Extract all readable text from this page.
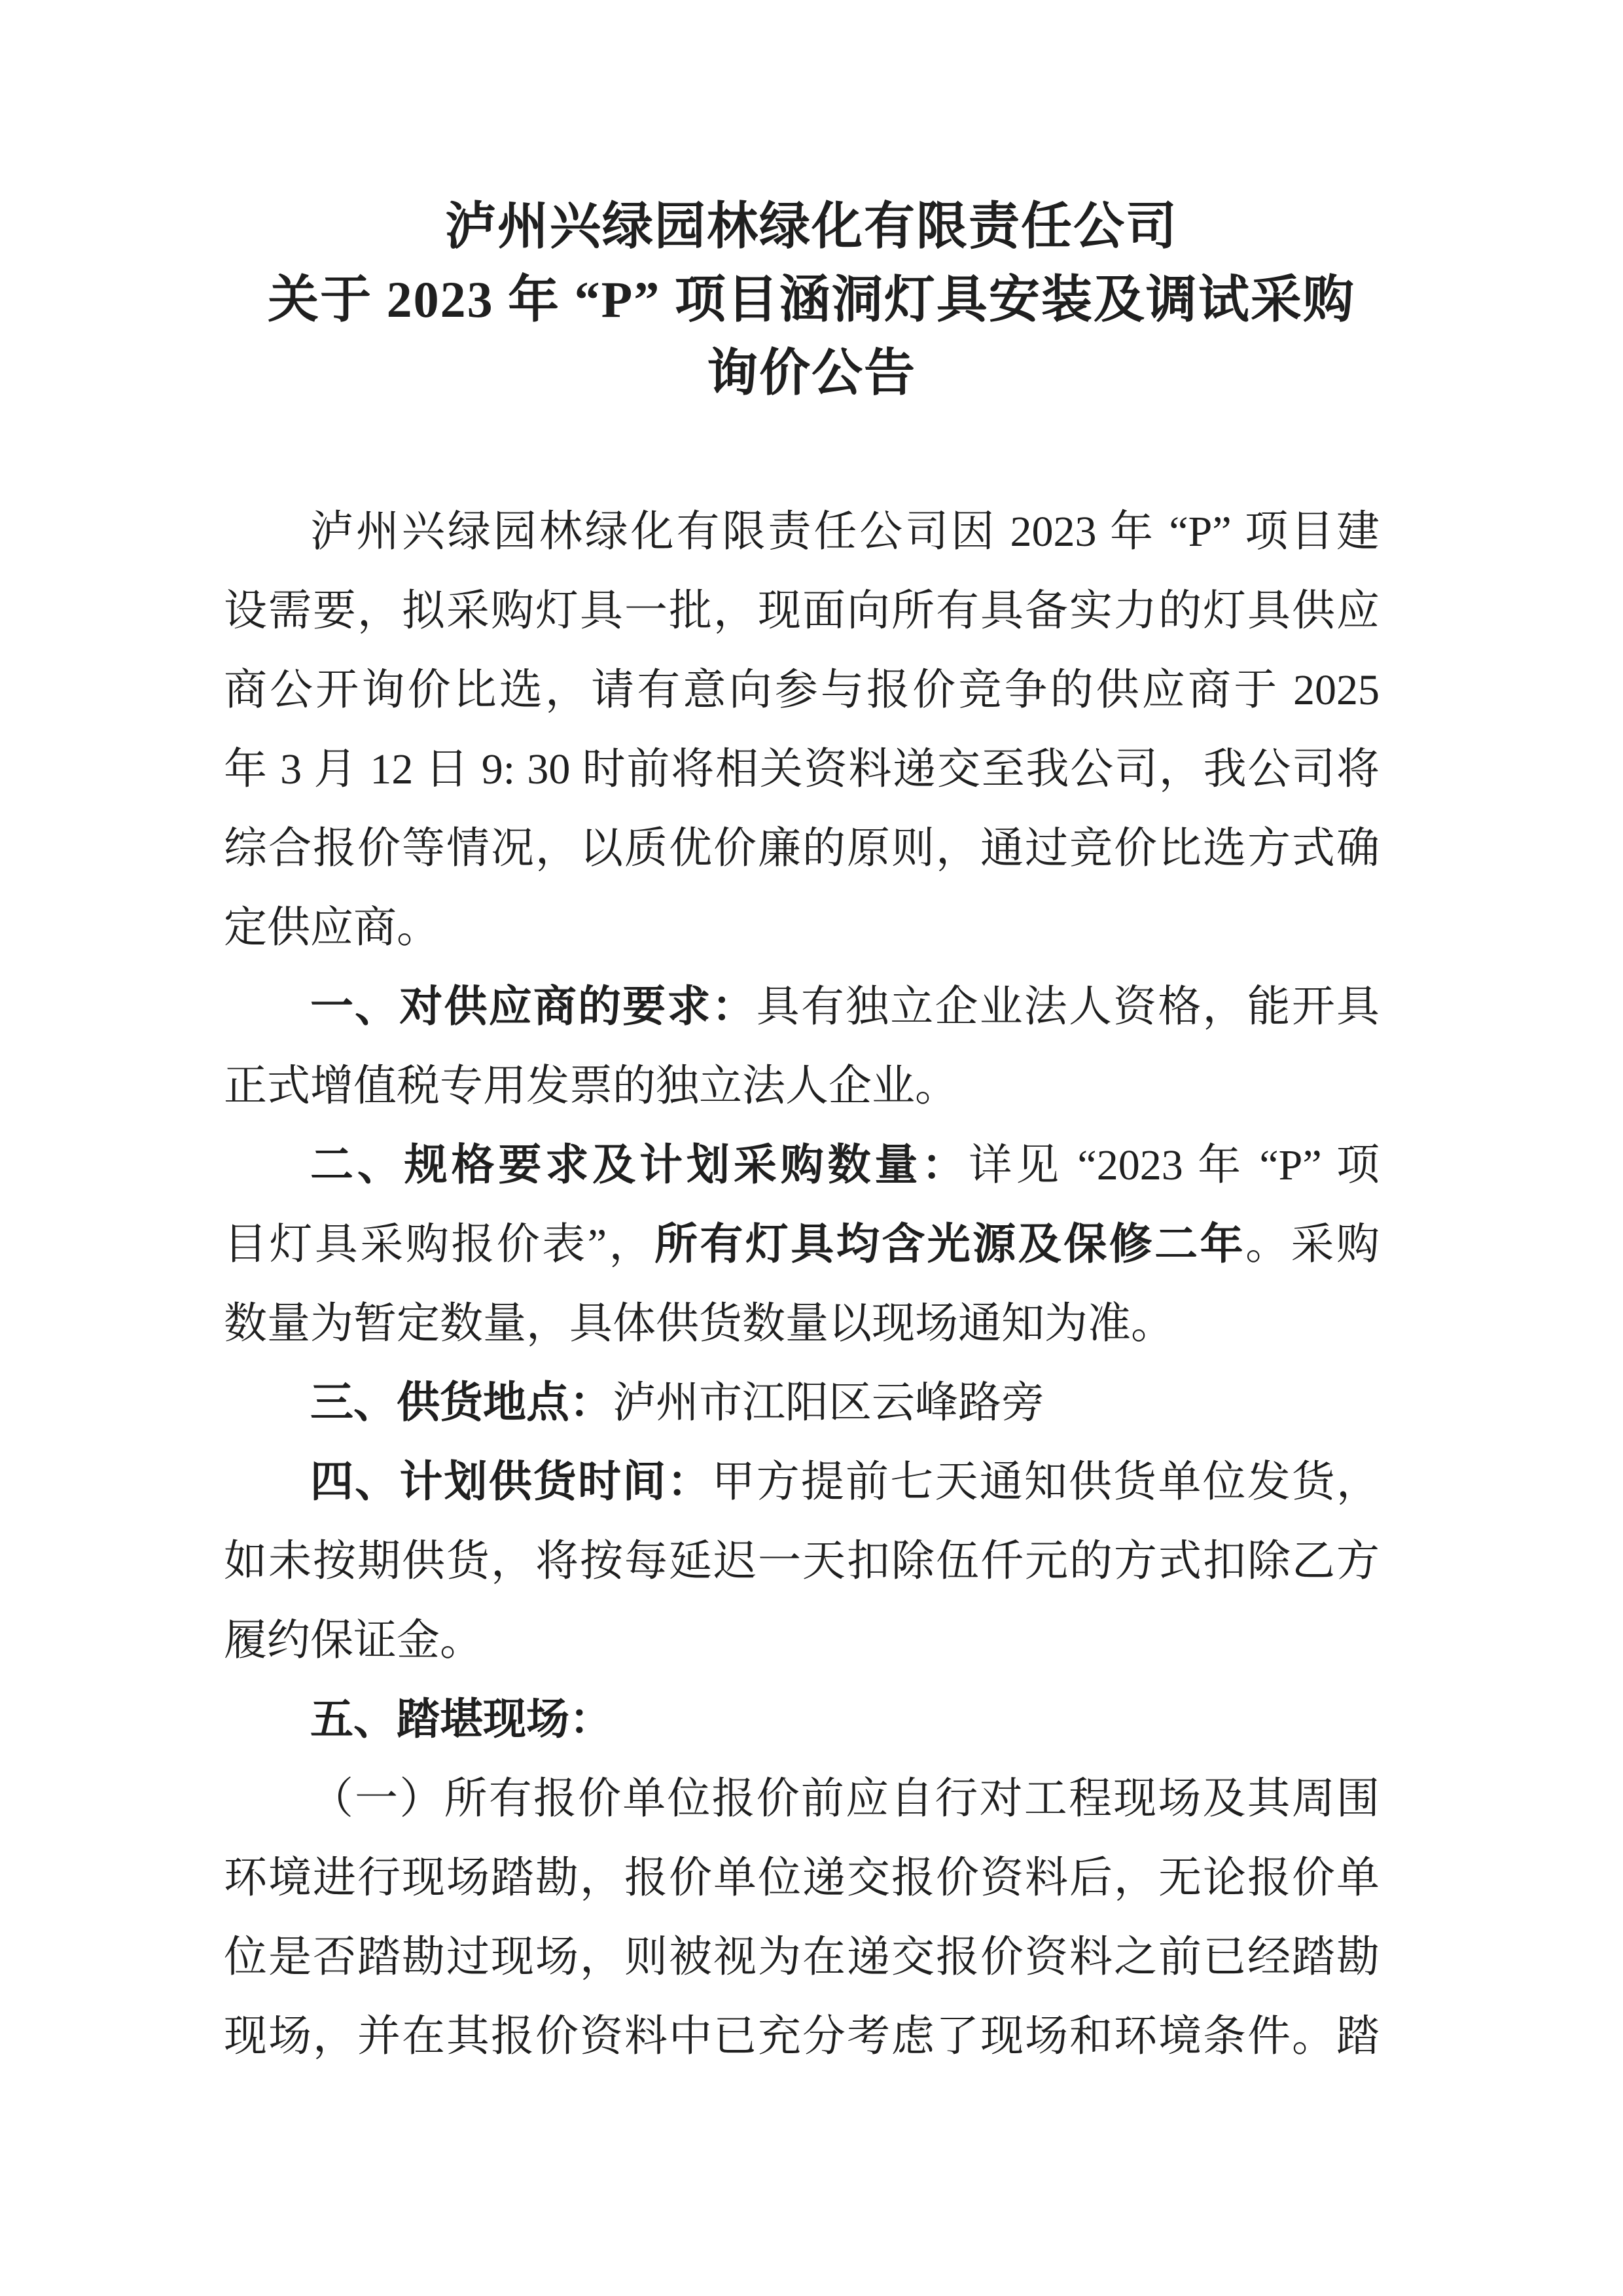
泸州兴绿园林绿化有限责任公司
关于 2023 年 “P” 项目涵洞灯具安装及调试采购
询价公告
泸州兴绿园林绿化有限责任公司因 2023 年 “P” 项目建
设需要，拟采购灯具一批，现面向所有具备实力的灯具供应
商公开询价比选，请有意向参与报价竞争的供应商于 2025
年 3 月 12 日 9: 30 时前将相关资料递交至我公司，我公司将
综合报价等情况，以质优价廉的原则，通过竞价比选方式确
定供应商。
一、对供应商的要求：具有独立企业法人资格，能开具
正式增值税专用发票的独立法人企业。
二、规格要求及计划采购数量：详见 “2023 年 “P” 项
目灯具采购报价表”，所有灯具均含光源及保修二年。采购
数量为暂定数量，具体供货数量以现场通知为准。
三、供货地点：泸州市江阳区云峰路旁
四、计划供货时间：甲方提前七天通知供货单位发货，
如未按期供货，将按每延迟一天扣除伍仟元的方式扣除乙方
履约保证金。
五、踏堪现场：
（一）所有报价单位报价前应自行对工程现场及其周围
环境进行现场踏勘，报价单位递交报价资料后，无论报价单
位是否踏勘过现场，则被视为在递交报价资料之前已经踏勘
现场，并在其报价资料中已充分考虑了现场和环境条件。踏
